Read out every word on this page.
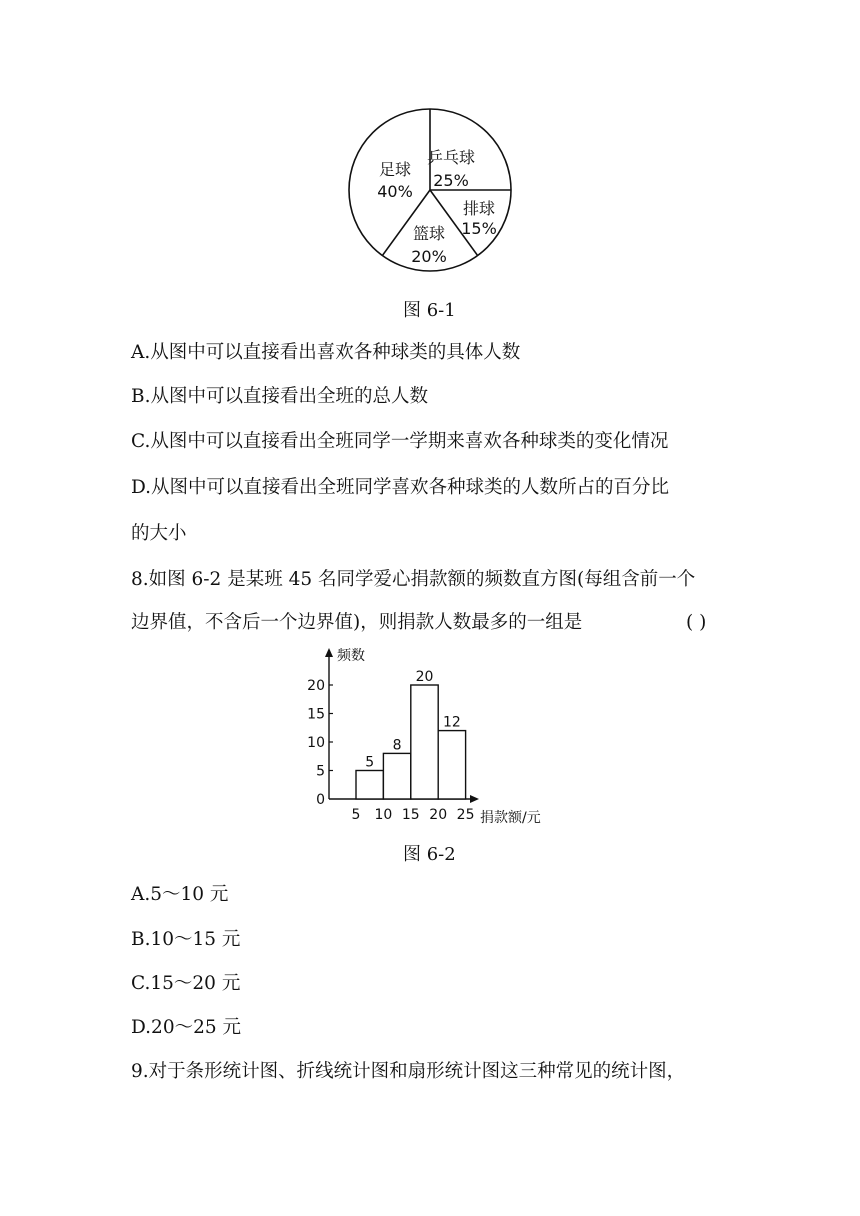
乒乓球
25%
排球
15%
篮球
20%
足球
40%
图 6-1
A.从图中可以直接看出喜欢各种球类的具体人数
B.从图中可以直接看出全班的总人数
C.从图中可以直接看出全班同学一学期来喜欢各种球类的变化情况
D.从图中可以直接看出全班同学喜欢各种球类的人数所占的百分比
的大小
8.如图 6-2 是某班 45 名同学爱心捐款额的频数直方图(每组含前一个
边界值，不含后一个边界值)，则捐款人数最多的一组是	( )
5
8
20
12
0
5
10
15
20
5 10 15 20 25
频数
捐款额/元
图 6-2
A.5～10 元
B.10～15 元
C.15～20 元
D.20～25 元
9.对于条形统计图、折线统计图和扇形统计图这三种常见的统计图，
